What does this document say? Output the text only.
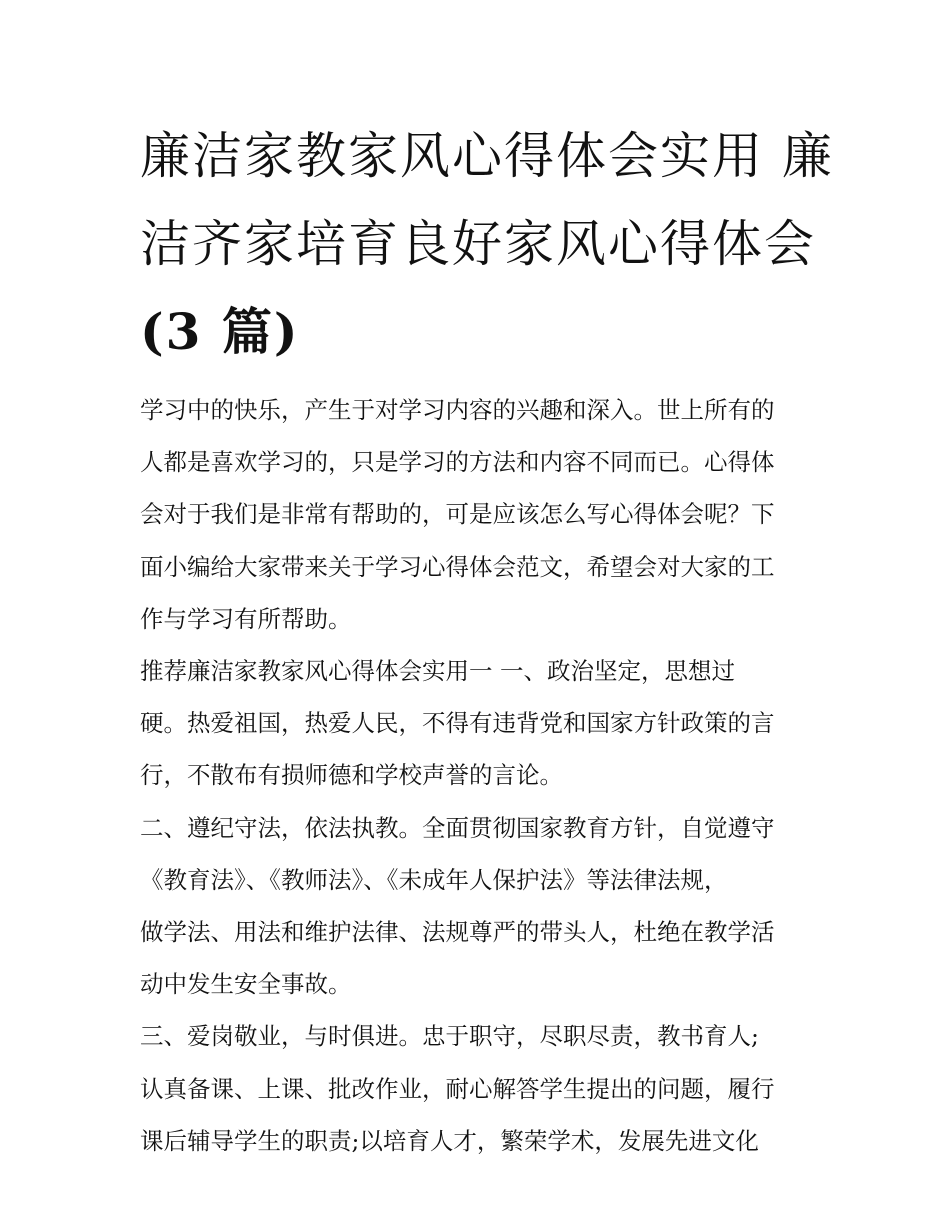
廉洁家教家风心得体会实用 廉
洁齐家培育良好家风心得体会
(3 篇)

学习中的快乐，产生于对学习内容的兴趣和深入。世上所有的
人都是喜欢学习的，只是学习的方法和内容不同而已。心得体
会对于我们是非常有帮助的，可是应该怎么写心得体会呢？下
面小编给大家带来关于学习心得体会范文，希望会对大家的工
作与学习有所帮助。

推荐廉洁家教家风心得体会实用一 一、政治坚定，思想过
硬。热爱祖国，热爱人民，不得有违背党和国家方针政策的言
行，不散布有损师德和学校声誉的言论。

二、遵纪守法，依法执教。全面贯彻国家教育方针，自觉遵守
《教育法》、《教师法》、《未成年人保护法》等法律法规，
做学法、用法和维护法律、法规尊严的带头人，杜绝在教学活
动中发生安全事故。

三、爱岗敬业，与时俱进。忠于职守，尽职尽责，教书育人;
认真备课、上课、批改作业，耐心解答学生提出的问题，履行
课后辅导学生的职责;以培育人才，繁荣学术，发展先进文化
